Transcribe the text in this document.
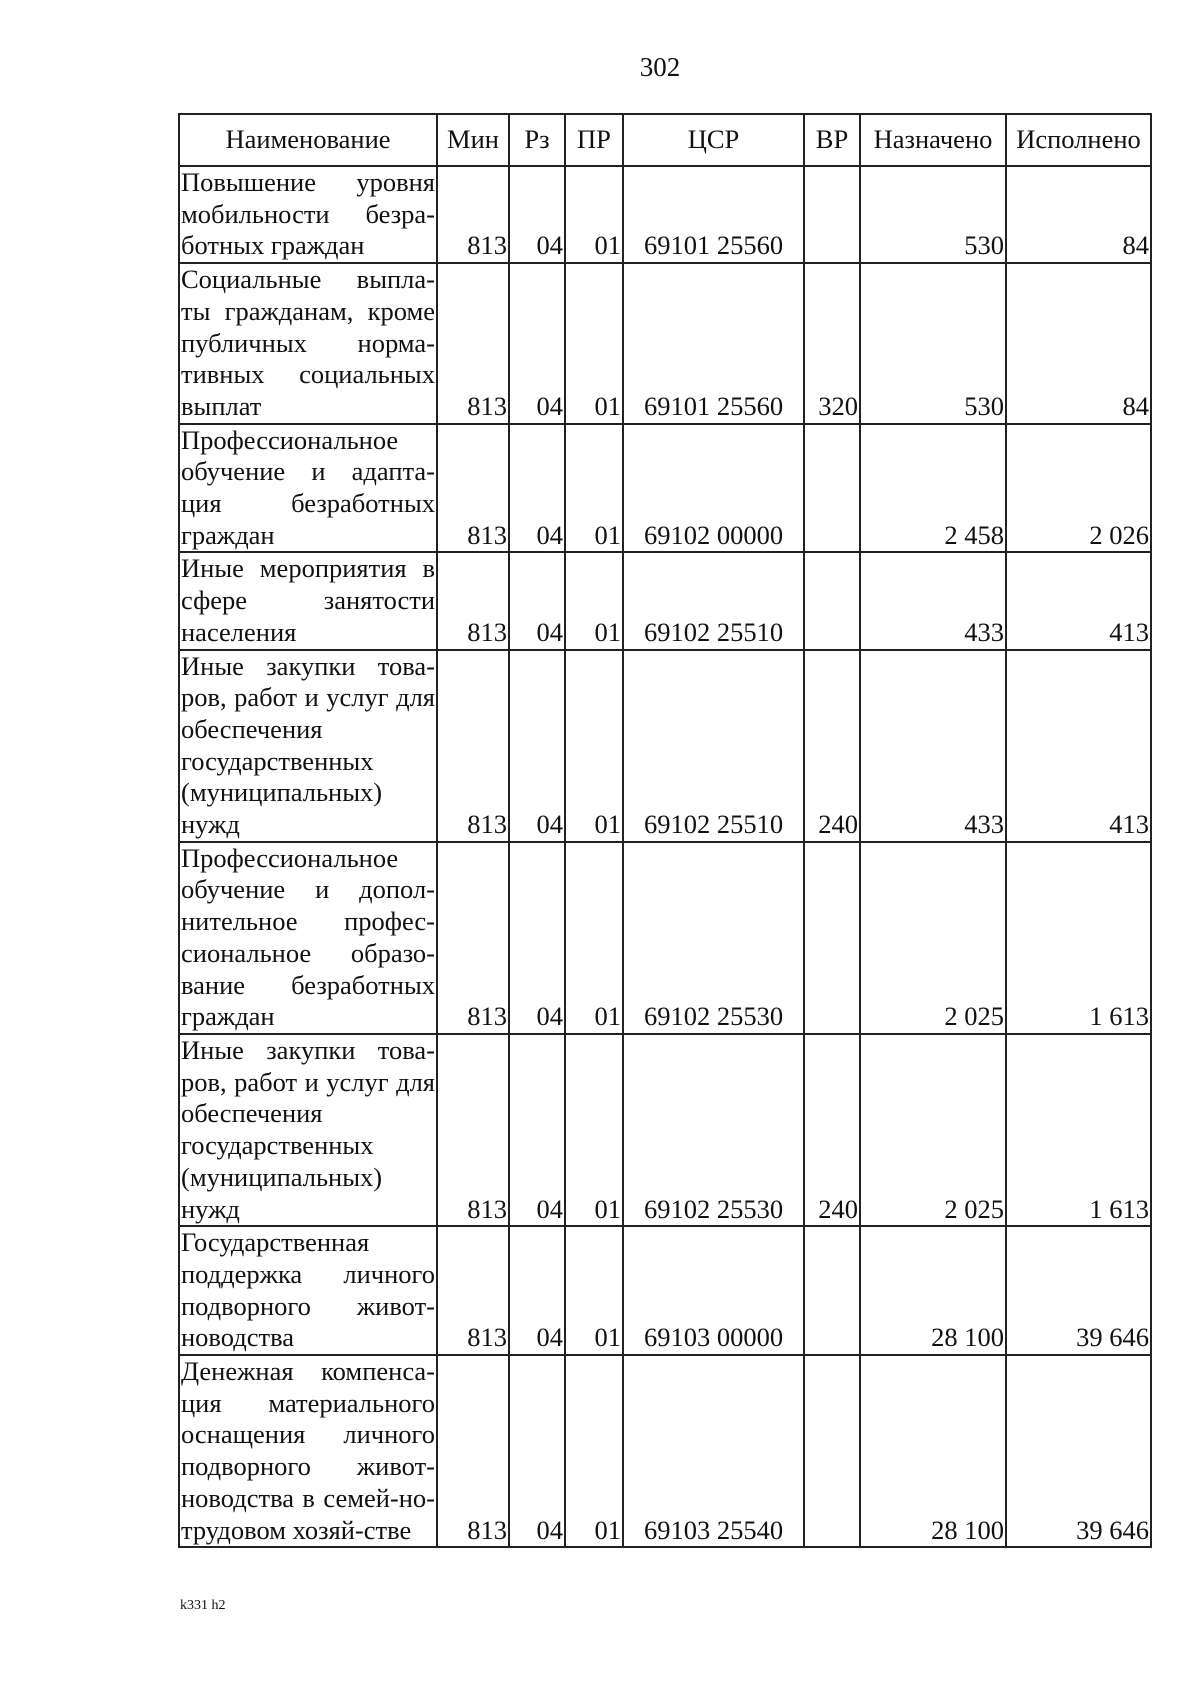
302
Наименование	Мин	Рз	ПР	ЦСР	ВР	Назначено	Исполнено
Повышение уровня мобильности безра-ботных граждан	813	04	01	69101 25560		530	84
Социальные выпла-ты гражданам, кроме публичных норма-тивных социальных выплат	813	04	01	69101 25560	320	530	84
Профессиональное обучение и адапта-ция безработных граждан	813	04	01	69102 00000		2 458	2 026
Иные мероприятия в сфере занятости населения	813	04	01	69102 25510		433	413
Иные закупки това-ров, работ и услуг для обеспечения государственных (муниципальных) нужд	813	04	01	69102 25510	240	433	413
Профессиональное обучение и допол-нительное профес-сиональное образо-вание безработных граждан	813	04	01	69102 25530		2 025	1 613
Иные закупки това-ров, работ и услуг для обеспечения государственных (муниципальных) нужд	813	04	01	69102 25530	240	2 025	1 613
Государственная поддержка личного подворного живот-новодства	813	04	01	69103 00000		28 100	39 646
Денежная компенса-ция материального оснащения личного подворного живот-новодства в семей-но-трудовом хозяй-стве	813	04	01	69103 25540		28 100	39 646
k331 h2
